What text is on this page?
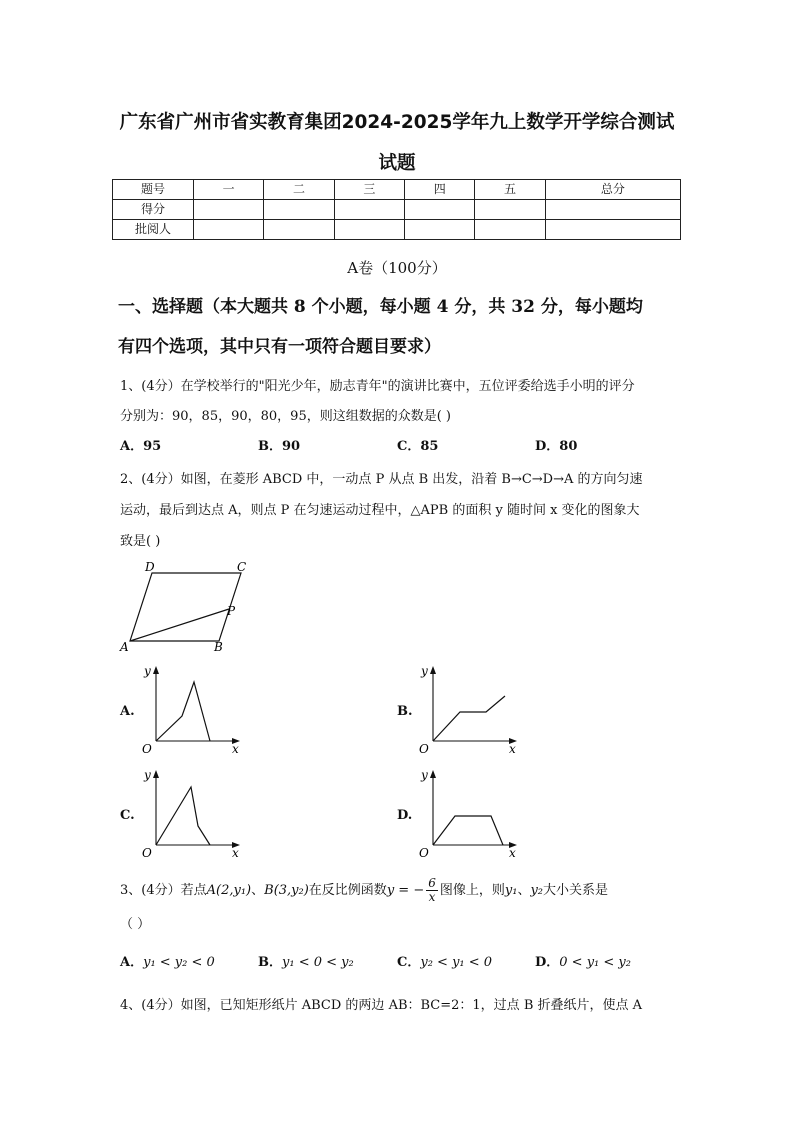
广东省广州市省实教育集团2024-2025学年九上数学开学综合测试
试题
题号	一	二	三	四	五	总分
得分						
批阅人						
A卷（100分）
一、选择题（本大题共 8 个小题，每小题 4 分，共 32 分，每小题均
有四个选项，其中只有一项符合题目要求）
1、(4分）在学校举行的"阳光少年，励志青年"的演讲比赛中，五位评委给选手小明的评分
分别为：90，85，90，80，95，则这组数据的众数是( )
A．95	B．90	C．85	D．80
2、(4分）如图，在菱形 ABCD 中，一动点 P 从点 B 出发，沿着 B→C→D→A 的方向匀速
运动，最后到达点 A，则点 P 在匀速运动过程中，△APB 的面积 y 随时间 x 变化的图象大
致是( )
D	C
P
A	B
A.	B.
C.	D.
y
O	x
y
O	x
y
O	x
y
O	x
3、(4分）若点A(2,y₁)、B(3,y₂)在反比例函数y = − $\frac{6}{x}$ 图像上，则y₁、y₂大小关系是
（ ）
A．y₁ < y₂ < 0	B．y₁ < 0 < y₂	C．y₂ < y₁ < 0	D．0 < y₁ < y₂
4、(4分）如图，已知矩形纸片 ABCD 的两边 AB：BC=2：1，过点 B 折叠纸片，使点 A
